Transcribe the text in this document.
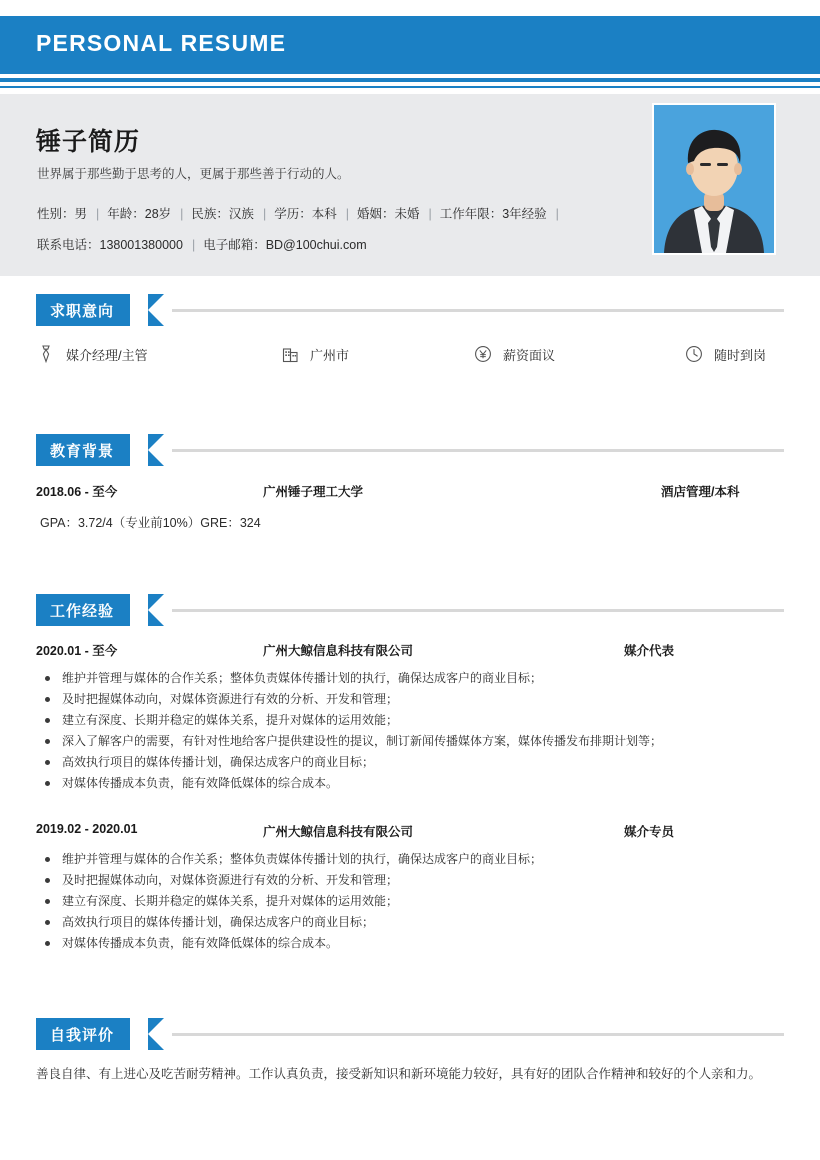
PERSONAL RESUME
锤子简历
世界属于那些勤于思考的人，更属于那些善于行动的人。
性别：男 | 年龄：28岁 | 民族：汉族 | 学历：本科 | 婚姻：未婚 | 工作年限：3年经验 |
联系电话：138001380000 | 电子邮箱：BD@100chui.com
求职意向
媒介经理/主管	广州市	薪资面议	随时到岗
教育背景
2018.06 - 至今	广州锤子理工大学	酒店管理/本科
GPA：3.72/4（专业前10%）GRE：324
工作经验
2020.01 - 至今	广州大鲸信息科技有限公司	媒介代表
维护并管理与媒体的合作关系；整体负责媒体传播计划的执行，确保达成客户的商业目标；
及时把握媒体动向，对媒体资源进行有效的分析、开发和管理；
建立有深度、长期并稳定的媒体关系，提升对媒体的运用效能；
深入了解客户的需要，有针对性地给客户提供建设性的提议，制订新闻传播媒体方案，媒体传播发布排期计划等；
高效执行项目的媒体传播计划，确保达成客户的商业目标；
对媒体传播成本负责，能有效降低媒体的综合成本。
2019.02 - 2020.01	广州大鲸信息科技有限公司	媒介专员
维护并管理与媒体的合作关系；整体负责媒体传播计划的执行，确保达成客户的商业目标；
及时把握媒体动向，对媒体资源进行有效的分析、开发和管理；
建立有深度、长期并稳定的媒体关系，提升对媒体的运用效能；
高效执行项目的媒体传播计划，确保达成客户的商业目标；
对媒体传播成本负责，能有效降低媒体的综合成本。
自我评价
善良自律、有上进心及吃苦耐劳精神。工作认真负责，接受新知识和新环境能力较好，具有好的团队合作精神和较好的个人亲和力。
